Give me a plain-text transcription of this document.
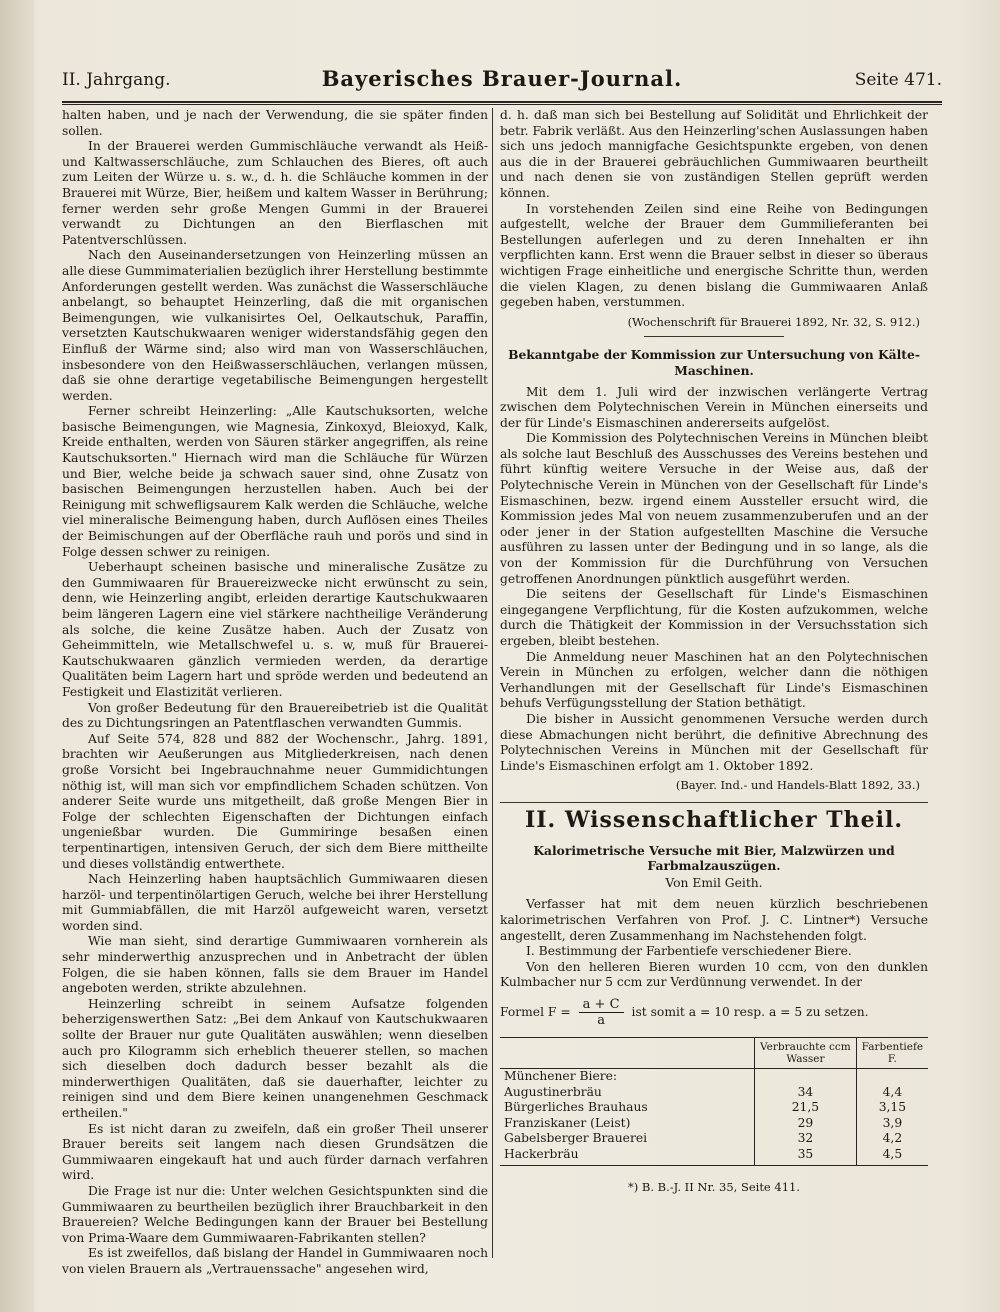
II. Jahrgang.	Bayerisches Brauer-Journal.	Seite 471.

halten haben, und je nach der Verwendung, die sie später finden sollen.

In der Brauerei werden Gummischläuche verwandt als Heiß- und Kaltwasserschläuche, zum Schlauchen des Bieres, oft auch zum Leiten der Würze u. s. w., d. h. die Schläuche kommen in der Brauerei mit Würze, Bier, heißem und kaltem Wasser in Berührung; ferner werden sehr große Mengen Gummi in der Brauerei verwandt zu Dichtungen an den Bierflaschen mit Patentverschlüssen.

Nach den Auseinandersetzungen von Heinzerling müssen an alle diese Gummimaterialien bezüglich ihrer Herstellung bestimmte Anforderungen gestellt werden. Was zunächst die Wasserschläuche anbelangt, so behauptet Heinzerling, daß die mit organischen Beimengungen, wie vulkanisirtes Oel, Oelkautschuk, Paraffin, versetzten Kautschukwaaren weniger widerstandsfähig gegen den Einfluß der Wärme sind; also wird man von Wasserschläuchen, insbesondere von den Heißwasserschläuchen, verlangen müssen, daß sie ohne derartige vegetabilische Beimengungen hergestellt werden.

Ferner schreibt Heinzerling: „Alle Kautschuksorten, welche basische Beimengungen, wie Magnesia, Zinkoxyd, Bleioxyd, Kalk, Kreide enthalten, werden von Säuren stärker angegriffen, als reine Kautschuksorten." Hiernach wird man die Schläuche für Würzen und Bier, welche beide ja schwach sauer sind, ohne Zusatz von basischen Beimengungen herzustellen haben. Auch bei der Reinigung mit schwefligsaurem Kalk werden die Schläuche, welche viel mineralische Beimengung haben, durch Auflösen eines Theiles der Beimischungen auf der Oberfläche rauh und porös und sind in Folge dessen schwer zu reinigen.

Ueberhaupt scheinen basische und mineralische Zusätze zu den Gummiwaaren für Brauereizwecke nicht erwünscht zu sein, denn, wie Heinzerling angibt, erleiden derartige Kautschukwaaren beim längeren Lagern eine viel stärkere nachtheilige Veränderung als solche, die keine Zusätze haben. Auch der Zusatz von Geheimmitteln, wie Metallschwefel u. s. w, muß für Brauerei-Kautschukwaaren gänzlich vermieden werden, da derartige Qualitäten beim Lagern hart und spröde werden und bedeutend an Festigkeit und Elastizität verlieren.

Von großer Bedeutung für den Brauereibetrieb ist die Qualität des zu Dichtungsringen an Patentflaschen verwandten Gummis.

Auf Seite 574, 828 und 882 der Wochenschr., Jahrg. 1891, brachten wir Aeußerungen aus Mitgliederkreisen, nach denen große Vorsicht bei Ingebrauchnahme neuer Gummidichtungen nöthig ist, will man sich vor empfindlichem Schaden schützen. Von anderer Seite wurde uns mitgetheilt, daß große Mengen Bier in Folge der schlechten Eigenschaften der Dichtungen einfach ungenießbar wurden. Die Gummiringe besaßen einen terpentinartigen, intensiven Geruch, der sich dem Biere mittheilte und dieses vollständig entwerthete.

Nach Heinzerling haben hauptsächlich Gummiwaaren diesen harzöl- und terpentinölartigen Geruch, welche bei ihrer Herstellung mit Gummiabfällen, die mit Harzöl aufgeweicht waren, versetzt worden sind.

Wie man sieht, sind derartige Gummiwaaren vornherein als sehr minderwerthig anzusprechen und in Anbetracht der üblen Folgen, die sie haben können, falls sie dem Brauer im Handel angeboten werden, strikte abzulehnen.

Heinzerling schreibt in seinem Aufsatze folgenden beherzigenswerthen Satz: „Bei dem Ankauf von Kautschukwaaren sollte der Brauer nur gute Qualitäten auswählen; wenn dieselben auch pro Kilogramm sich erheblich theuerer stellen, so machen sich dieselben doch dadurch besser bezahlt als die minderwerthigen Qualitäten, daß sie dauerhafter, leichter zu reinigen sind und dem Biere keinen unangenehmen Geschmack ertheilen."

Es ist nicht daran zu zweifeln, daß ein großer Theil unserer Brauer bereits seit langem nach diesen Grundsätzen die Gummiwaaren eingekauft hat und auch fürder darnach verfahren wird.

Die Frage ist nur die: Unter welchen Gesichtspunkten sind die Gummiwaaren zu beurtheilen bezüglich ihrer Brauchbarkeit in den Brauereien? Welche Bedingungen kann der Brauer bei Bestellung von Prima-Waare dem Gummiwaaren-Fabrikanten stellen?

Es ist zweifellos, daß bislang der Handel in Gummiwaaren noch von vielen Brauern als „Vertrauenssache" angesehen wird,

d. h. daß man sich bei Bestellung auf Solidität und Ehrlichkeit der betr. Fabrik verläßt. Aus den Heinzerling'schen Auslassungen haben sich uns jedoch mannigfache Gesichtspunkte ergeben, von denen aus die in der Brauerei gebräuchlichen Gummiwaaren beurtheilt und nach denen sie von zuständigen Stellen geprüft werden können.

In vorstehenden Zeilen sind eine Reihe von Bedingungen aufgestellt, welche der Brauer dem Gummilieferanten bei Bestellungen auferlegen und zu deren Innehalten er ihn verpflichten kann. Erst wenn die Brauer selbst in dieser so überaus wichtigen Frage einheitliche und energische Schritte thun, werden die vielen Klagen, zu denen bislang die Gummiwaaren Anlaß gegeben haben, verstummen.

(Wochenschrift für Brauerei 1892, Nr. 32, S. 912.)
Bekanntgabe der Kommission zur Untersuchung von Kälte-Maschinen.

Mit dem 1. Juli wird der inzwischen verlängerte Vertrag zwischen dem Polytechnischen Verein in München einerseits und der für Linde's Eismaschinen andererseits aufgelöst.

Die Kommission des Polytechnischen Vereins in München bleibt als solche laut Beschluß des Ausschusses des Vereins bestehen und führt künftig weitere Versuche in der Weise aus, daß der Polytechnische Verein in München von der Gesellschaft für Linde's Eismaschinen, bezw. irgend einem Aussteller ersucht wird, die Kommission jedes Mal von neuem zusammenzuberufen und an der oder jener in der Station aufgestellten Maschine die Versuche ausführen zu lassen unter der Bedingung und in so lange, als die von der Kommission für die Durchführung von Versuchen getroffenen Anordnungen pünktlich ausgeführt werden.

Die seitens der Gesellschaft für Linde's Eismaschinen eingegangene Verpflichtung, für die Kosten aufzukommen, welche durch die Thätigkeit der Kommission in der Versuchsstation sich ergeben, bleibt bestehen.

Die Anmeldung neuer Maschinen hat an den Polytechnischen Verein in München zu erfolgen, welcher dann die nöthigen Verhandlungen mit der Gesellschaft für Linde's Eismaschinen behufs Verfügungsstellung der Station bethätigt.

Die bisher in Aussicht genommenen Versuche werden durch diese Abmachungen nicht berührt, die definitive Abrechnung des Polytechnischen Vereins in München mit der Gesellschaft für Linde's Eismaschinen erfolgt am 1. Oktober 1892.

(Bayer. Ind.- und Handels-Blatt 1892, 33.)
II. Wissenschaftlicher Theil.
Kalorimetrische Versuche mit Bier, Malzwürzen und Farbmalzauszügen.
Von Emil Geith.

Verfasser hat mit dem neuen kürzlich beschriebenen kalorimetrischen Verfahren von Prof. J. C. Lintner*) Versuche angestellt, deren Zusammenhang im Nachstehenden folgt.

I. Bestimmung der Farbentiefe verschiedener Biere.

Von den helleren Bieren wurden 10 ccm, von den dunklen Kulmbacher nur 5 ccm zur Verdünnung verwendet. In der

Formel $F = \frac{a + C}{a}$ ist somit a = 10 resp. a = 5 zu setzen.
	Verbrauchte ccm Wasser	Farbentiefe F.
Münchener Biere:		
Augustinerbräu	34	4,4
Bürgerliches Brauhaus	21,5	3,15
Franziskaner (Leist)	29	3,9
Gabelsberger Brauerei	32	4,2
Hackerbräu	35	4,5
*) B. B.-J. II Nr. 35, Seite 411.
